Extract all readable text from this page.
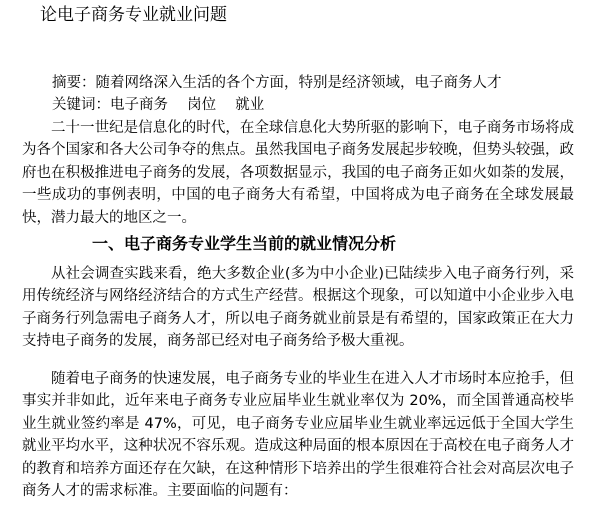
论电子商务专业就业问题
摘要：随着网络深入生活的各个方面，特别是经济领域，电子商务人才
关键词：电子商务　 岗位　 就业

二十一世纪是信息化的时代，在全球信息化大势所驱的影响下，电子商务市场将成为各个国家和各大公司争夺的焦点。虽然我国电子商务发展起步较晚，但势头较强，政府也在积极推进电子商务的发展，各项数据显示，我国的电子商务正如火如荼的发展，一些成功的事例表明，中国的电子商务大有希望，中国将成为电子商务在全球发展最快，潜力最大的地区之一。

一、电子商务专业学生当前的就业情况分析

从社会调查实践来看，绝大多数企业(多为中小企业)已陆续步入电子商务行列，采用传统经济与网络经济结合的方式生产经营。根据这个现象，可以知道中小企业步入电子商务行列急需电子商务人才，所以电子商务就业前景是有希望的，国家政策正在大力支持电子商务的发展，商务部已经对电子商务给予极大重视。

随着电子商务的快速发展，电子商务专业的毕业生在进入人才市场时本应抢手，但事实并非如此，近年来电子商务专业应届毕业生就业率仅为 20%，而全国普通高校毕业生就业签约率是 47%，可见，电子商务专业应届毕业生就业率远远低于全国大学生就业平均水平，这种状况不容乐观。造成这种局面的根本原因在于高校在电子商务人才的教育和培养方面还存在欠缺，在这种情形下培养出的学生很难符合社会对高层次电子商务人才的需求标准。主要面临的问题有：
